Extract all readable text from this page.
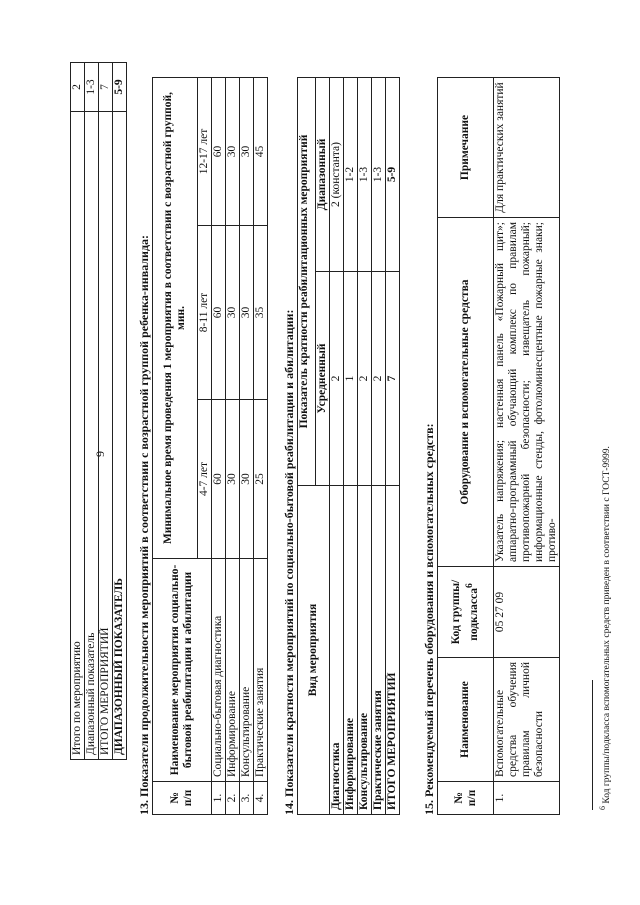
9
Итого по мероприятию	2
Диапазонный показатель	1-3
ИТОГО МЕРОПРИЯТИЙ	7
ДИАПАЗОННЫЙ ПОКАЗАТЕЛЬ	5-9
13. Показатели продолжительности мероприятий в соответствии с возрастной группой ребенка-инвалида: № п/п	Наименование мероприятия социально-бытовой реабилитации и абилитации	Минимальное время проведения 1 мероприятия в соответствии с возрастной группой, мин.		
		4-7 лет	8-11 лет	12-17 лет
1.	Социально-бытовая диагностика	60	60	60
2.	Информирование	30	30	30
3.	Консультирование	30	30	30
4.	Практические занятия	25	35	45
14. Показатели кратности мероприятий по социально-бытовой реабилитации и абилитации: Вид мероприятия	Показатель кратности реабилитационных мероприятий	
	Усредненный	Диапазонный
Диагностика	2	2 (константа)
Информирование	1	1-2
Консультирование	2	1-3
Практические занятия	2	1-3
ИТОГО МЕРОПРИЯТИЙ	7	5-9
15. Рекомендуемый перечень оборудования и вспомогательных средств: № п/п	Наименование	Код группы/ подкласса$^6$	Оборудование и вспомогательные средства	Примечание
1.	Вспомогательные средства обучения правилам личной безопасности	05 27 09	Указатель напряжения; настенная панель «Пожарный щит»; аппаратно-программный обучающий комплекс по правилам противопожарной безопасности; извещатель пожарный; информационные стенды, фотолюминесцентные пожарные знаки; противо-	Для практических занятий
$^6$ Код группы/подкласса вспомогательных средств приведен в соответствии с ГОСТ-9999.
